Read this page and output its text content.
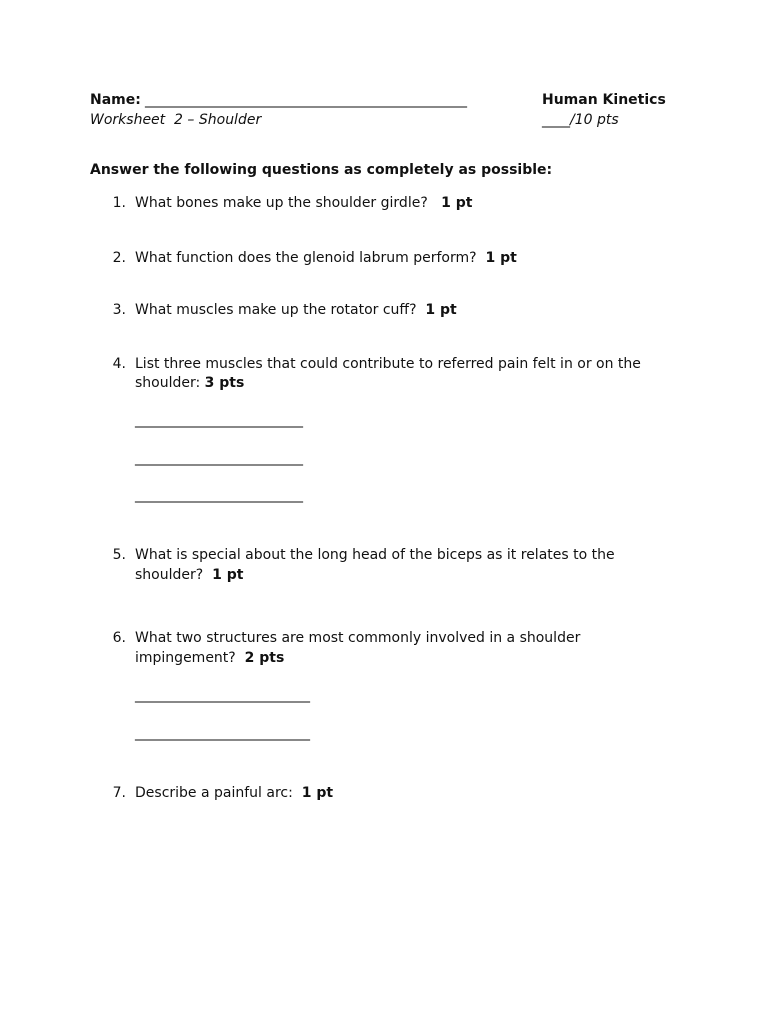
Name: ______________________________________________	Human Kinetics
Worksheet  2 – Shoulder	____/10 pts
Answer the following questions as completely as possible:
1. What bones make up the shoulder girdle?   1 pt
2. What function does the glenoid labrum perform?  1 pt
3. What muscles make up the rotator cuff?  1 pt
4. List three muscles that could contribute to referred pain felt in or on the
shoulder: 3 pts
________________________
________________________
________________________
5. What is special about the long head of the biceps as it relates to the
shoulder?  1 pt
6. What two structures are most commonly involved in a shoulder
impingement?  2 pts
_________________________
_________________________
7. Describe a painful arc:  1 pt
